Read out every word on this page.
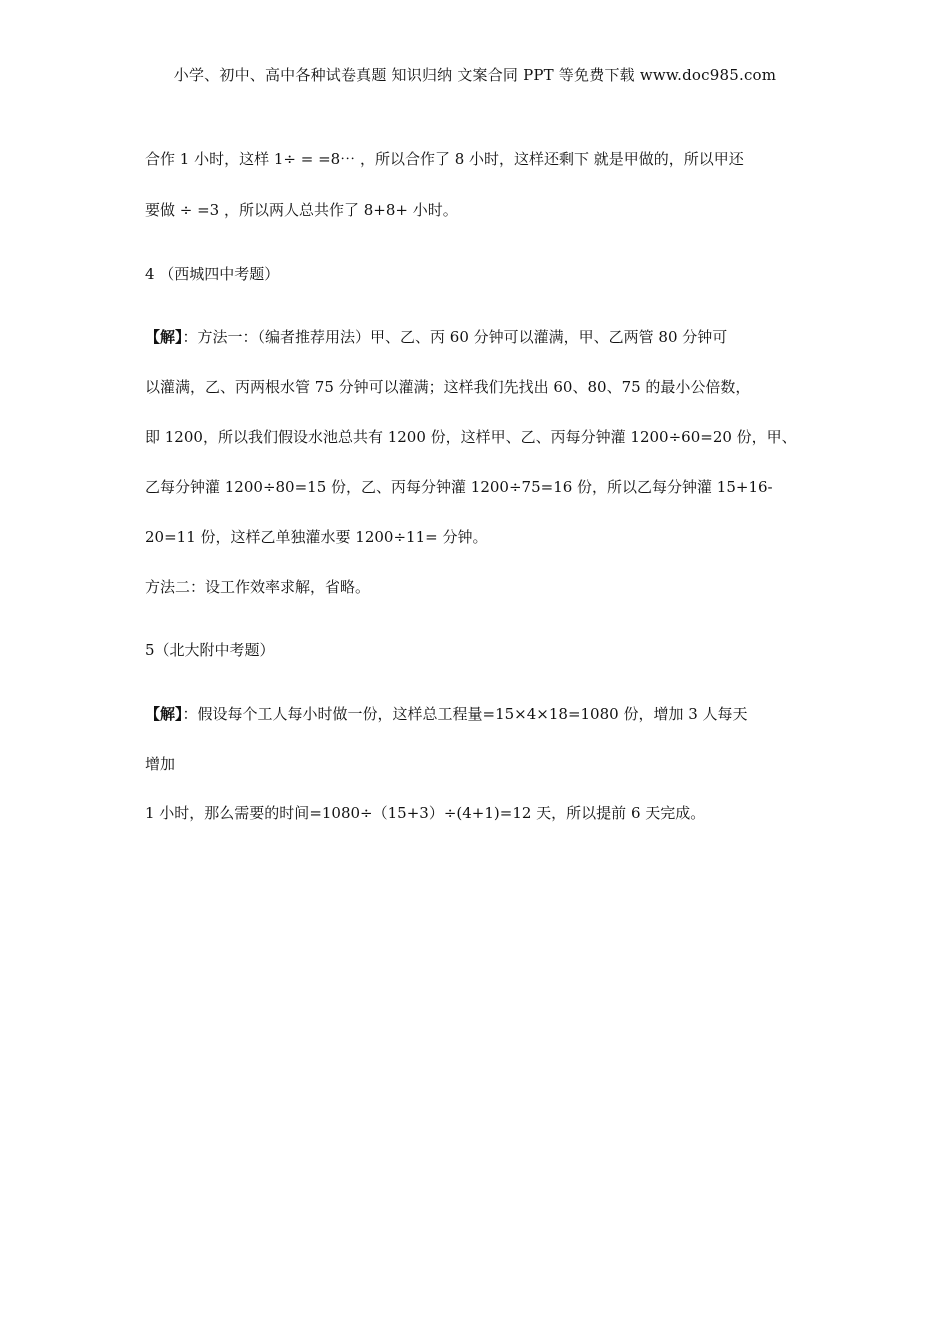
小学、初中、高中各种试卷真题 知识归纳 文案合同 PPT 等免费下载 www.doc985.com
合作 1 小时，这样 1÷ = =8⋯ ，所以合作了 8 小时，这样还剩下 就是甲做的，所以甲还
要做 ÷ =3 ，所以两人总共作了 8+8+ 小时。
4 （西城四中考题）
【解】：方法一：（编者推荐用法）甲、乙、丙 60 分钟可以灌满，甲、乙两管 80 分钟可
以灌满，乙、丙两根水管 75 分钟可以灌满；这样我们先找出 60、80、75 的最小公倍数，
即 1200，所以我们假设水池总共有 1200 份，这样甲、乙、丙每分钟灌 1200÷60=20 份，甲、
乙每分钟灌 1200÷80=15 份，乙、丙每分钟灌 1200÷75=16 份，所以乙每分钟灌 15+16-
20=11 份，这样乙单独灌水要 1200÷11= 分钟。
方法二：设工作效率求解，省略。
5（北大附中考题）
【解】：假设每个工人每小时做一份，这样总工程量=15×4×18=1080 份，增加 3 人每天
增加
1 小时，那么需要的时间=1080÷（15+3）÷(4+1)=12 天，所以提前 6 天完成。
